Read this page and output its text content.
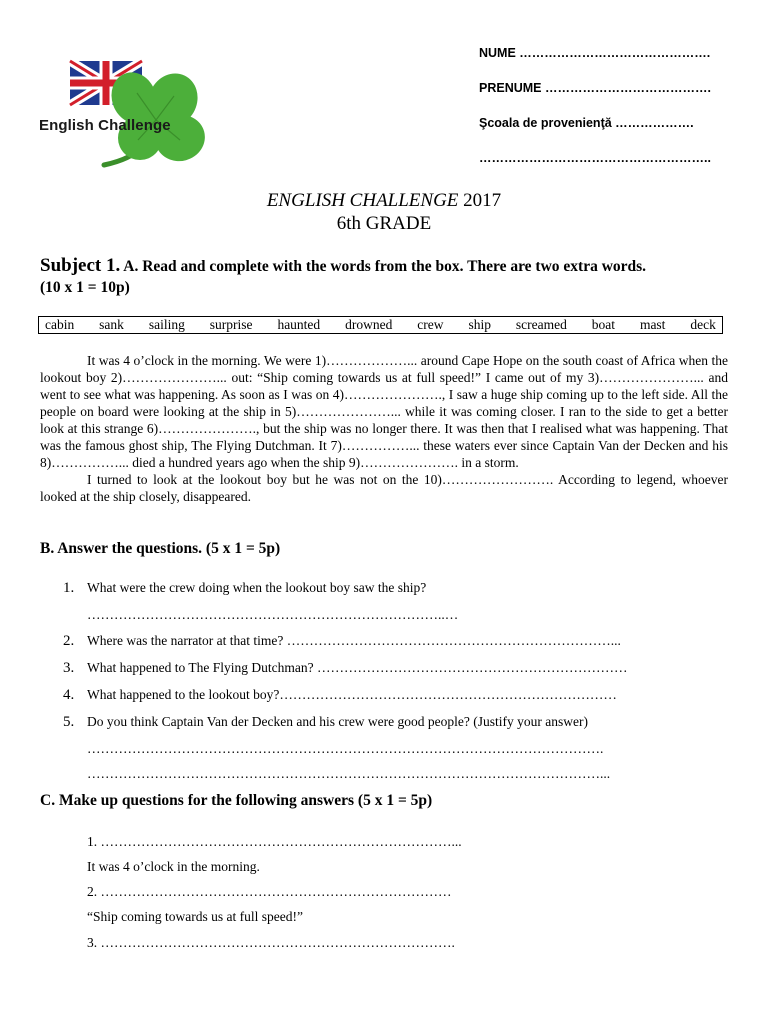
English Challenge
NUME ……………………………………….
PRENUME ………………………………….
Şcoala de provenienţă ……………….
………………………………………………..
ENGLISH CHALLENGE 2017
6th GRADE
Subject 1. A. Read and complete with the words from the box. There are two extra words.
(10 x 1 = 10p)
cabin sank sailing surprise haunted drowned crew ship screamed boat mast deck

It was 4 o’clock in the morning. We were 1)………………... around Cape Hope on the south coast of Africa when the lookout boy 2)…………………... out: “Ship coming towards us at full speed!” I came out of my 3)…………………... and went to see what was happening. As soon as I was on 4)…………………., I saw a huge ship coming up to the left side. All the people on board were looking at the ship in 5)…………………... while it was coming closer. I ran to the side to get a better look at this strange 6)…………………., but the ship was no longer there. It was then that I realised what was happening. That was the famous ghost ship, The Flying Dutchman. It 7)……………... these waters ever since Captain Van der Decken and his 8)……………... died a hundred years ago when the ship 9)…………………. in a storm.

I turned to look at the lookout boy but he was not on the 10)……………………. According to legend, whoever looked at the ship closely, disappeared.

B. Answer the questions. (5 x 1 = 5p)
1. What were the crew doing when the lookout boy saw the ship?
……………………………………………………………………..…
2. Where was the narrator at that time? ………………………………………………………………...
3. What happened to The Flying Dutchman? ……………………………………………………………
4. What happened to the lookout boy?…………………………………………………………………
5. Do you think Captain Van der Decken and his crew were good people? (Justify your answer)
…………………………………………………………………………………………………….
……………………………………………………………………………………………………...
C. Make up questions for the following answers (5 x 1 = 5p)
1. ……………………………………………………………………...
It was 4 o’clock in the morning.
2. ……………………………………………………………………
“Ship coming towards us at full speed!”
3. …………………………………………………………………….
